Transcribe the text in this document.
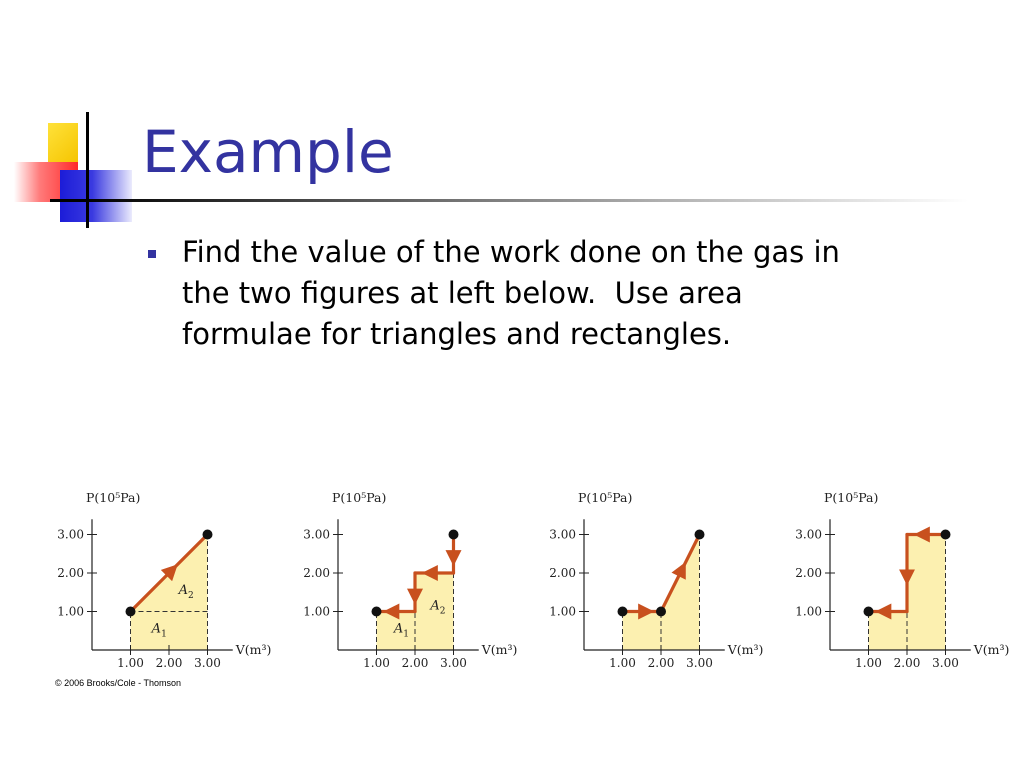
Example

Find the value of the work done on the gas in
the two figures at left below.  Use area
formulae for triangles and rectangles.

1.00
2.00
3.00
1.00 2.00 3.00
P(10⁵Pa)
V(m³)
$A_1$
$A_2$
1.00
2.00
3.00
1.00 2.00 3.00
P(10⁵Pa)
V(m³)
$A_1$
$A_2$	1.00
2.00
3.00
1.00 2.00 3.00
P(10⁵Pa)
V(m³)
1.00
2.00
3.00
1.00 2.00 3.00
P(10⁵Pa)
V(m³)

© 2006 Brooks/Cole - Thomson
